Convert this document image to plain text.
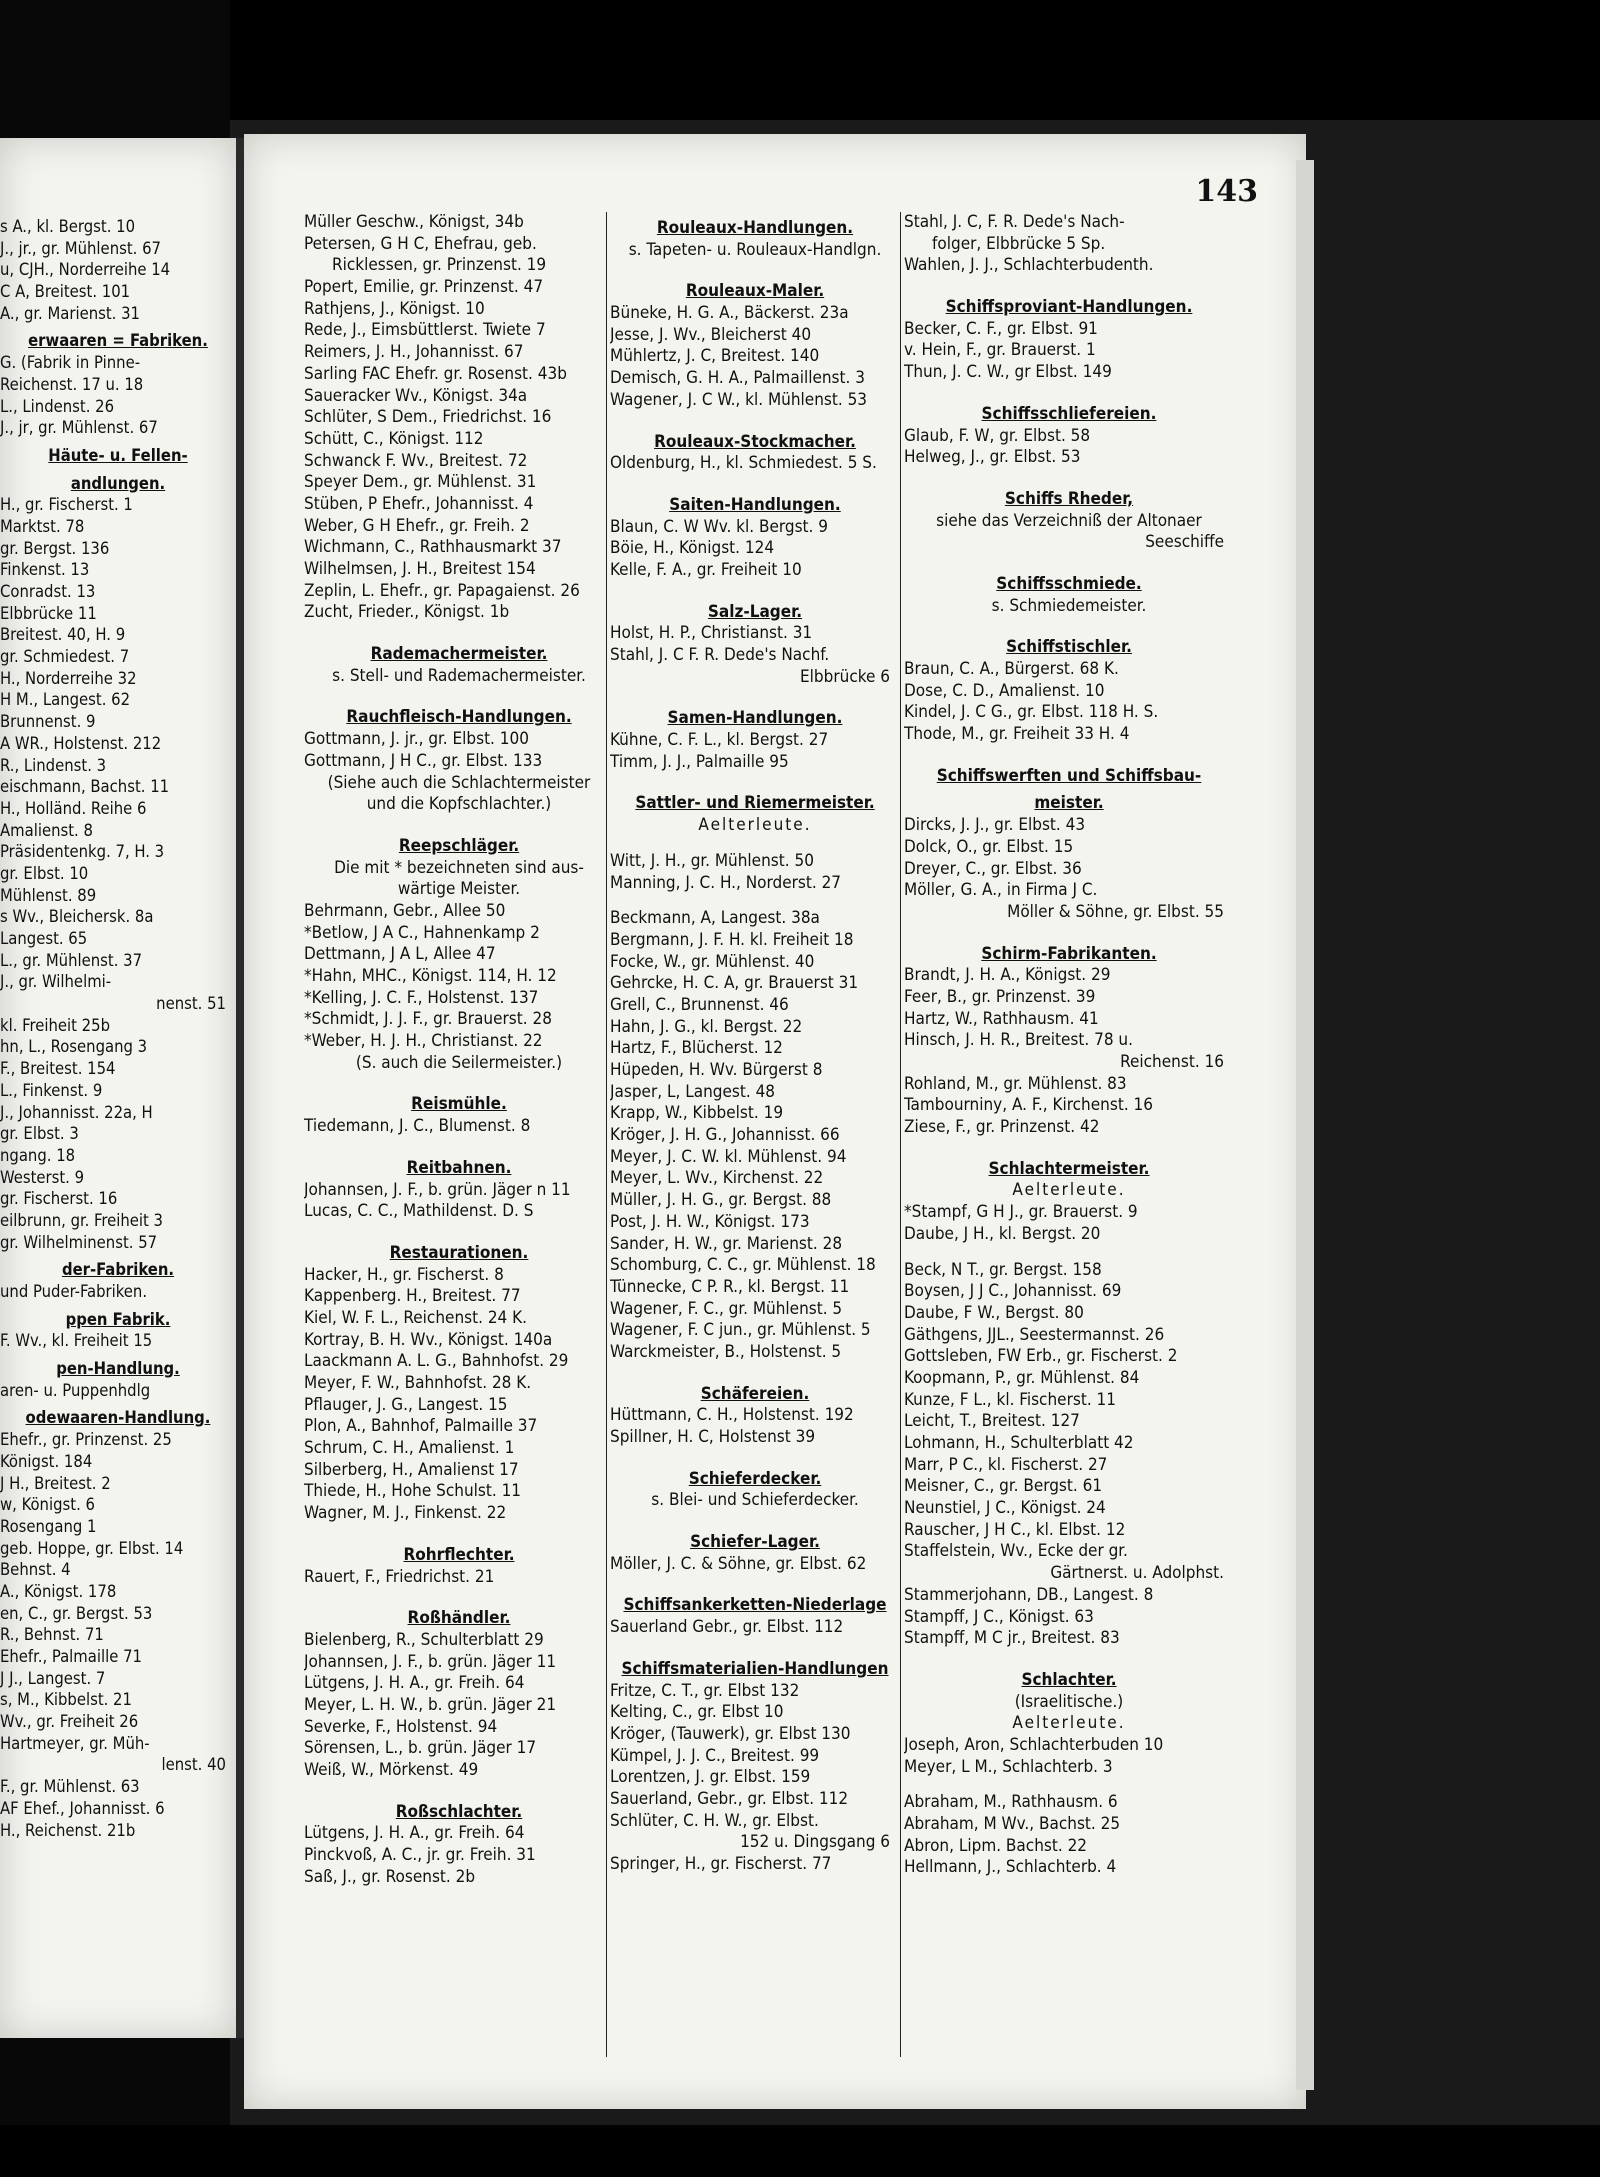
s A., kl. Bergst. 10
J., jr., gr. Mühlenst. 67
u, CJH., Norderreihe 14
C A, Breitest. 101
A., gr. Marienst. 31
erwaaren = Fabriken.
G. (Fabrik in Pinne-
Reichenst. 17 u. 18
L., Lindenst. 26
J., jr, gr. Mühlenst. 67
Häute- u. Fellen-
andlungen.
H., gr. Fischerst. 1
Marktst. 78
gr. Bergst. 136
Finkenst. 13
Conradst. 13
Elbbrücke 11
Breitest. 40, H. 9
gr. Schmiedest. 7
H., Norderreihe 32
H M., Langest. 62
Brunnenst. 9
A WR., Holstenst. 212
R., Lindenst. 3
eischmann, Bachst. 11
H., Holländ. Reihe 6
Amalienst. 8
Präsidentenkg. 7, H. 3
gr. Elbst. 10
Mühlenst. 89
s Wv., Bleichersk. 8a
Langest. 65
L., gr. Mühlenst. 37
J., gr. Wilhelmi-
nenst. 51
kl. Freiheit 25b
hn, L., Rosengang 3
F., Breitest. 154
L., Finkenst. 9
J., Johannisst. 22a, H
gr. Elbst. 3
ngang. 18
Westerst. 9
gr. Fischerst. 16
eilbrunn, gr. Freiheit 3
gr. Wilhelminenst. 57
der-Fabriken.
und Puder-Fabriken.
ppen Fabrik.
F. Wv., kl. Freiheit 15
pen-Handlung.
aren- u. Puppenhdlg
odewaaren-Handlung.
Ehefr., gr. Prinzenst. 25
Königst. 184
J H., Breitest. 2
w, Königst. 6
Rosengang 1
geb. Hoppe, gr. Elbst. 14
Behnst. 4
A., Königst. 178
en, C., gr. Bergst. 53
R., Behnst. 71
Ehefr., Palmaille 71
J J., Langest. 7
s, M., Kibbelst. 21
Wv., gr. Freiheit 26
Hartmeyer, gr. Müh-
lenst. 40
F., gr. Mühlenst. 63
AF Ehef., Johannisst. 6
H., Reichenst. 21b
143
Müller Geschw., Königst, 34b
Petersen, G H C, Ehefrau, geb.
Ricklessen, gr. Prinzenst. 19
Popert, Emilie, gr. Prinzenst. 47
Rathjens, J., Königst. 10
Rede, J., Eimsbüttlerst. Twiete 7
Reimers, J. H., Johannisst. 67
Sarling FAC Ehefr. gr. Rosenst. 43b
Saueracker Wv., Königst. 34a
Schlüter, S Dem., Friedrichst. 16
Schütt, C., Königst. 112
Schwanck F. Wv., Breitest. 72
Speyer Dem., gr. Mühlenst. 31
Stüben, P Ehefr., Johannisst. 4
Weber, G H Ehefr., gr. Freih. 2
Wichmann, C., Rathhausmarkt 37
Wilhelmsen, J. H., Breitest 154
Zeplin, L. Ehefr., gr. Papagaienst. 26
Zucht, Frieder., Königst. 1b
Rademachermeister.
s. Stell- und Rademachermeister.
Rauchfleisch-Handlungen.
Gottmann, J. jr., gr. Elbst. 100
Gottmann, J H C., gr. Elbst. 133
(Siehe auch die Schlachtermeister
und die Kopfschlachter.)
Reepschläger.
Die mit * bezeichneten sind aus-
wärtige Meister.
Behrmann, Gebr., Allee 50
*Betlow, J A C., Hahnenkamp 2
Dettmann, J A L, Allee 47
*Hahn, MHC., Königst. 114, H. 12
*Kelling, J. C. F., Holstenst. 137
*Schmidt, J. J. F., gr. Brauerst. 28
*Weber, H. J. H., Christianst. 22
(S. auch die Seilermeister.)
Reismühle.
Tiedemann, J. C., Blumenst. 8
Reitbahnen.
Johannsen, J. F., b. grün. Jäger n 11
Lucas, C. C., Mathildenst. D. S
Restaurationen.
Hacker, H., gr. Fischerst. 8
Kappenberg. H., Breitest. 77
Kiel, W. F. L., Reichenst. 24 K.
Kortray, B. H. Wv., Königst. 140a
Laackmann A. L. G., Bahnhofst. 29
Meyer, F. W., Bahnhofst. 28 K.
Pflauger, J. G., Langest. 15
Plon, A., Bahnhof, Palmaille 37
Schrum, C. H., Amalienst. 1
Silberberg, H., Amalienst 17
Thiede, H., Hohe Schulst. 11
Wagner, M. J., Finkenst. 22
Rohrflechter.
Rauert, F., Friedrichst. 21
Roßhändler.
Bielenberg, R., Schulterblatt 29
Johannsen, J. F., b. grün. Jäger 11
Lütgens, J. H. A., gr. Freih. 64
Meyer, L. H. W., b. grün. Jäger 21
Severke, F., Holstenst. 94
Sörensen, L., b. grün. Jäger 17
Weiß, W., Mörkenst. 49
Roßschlachter.
Lütgens, J. H. A., gr. Freih. 64
Pinckvoß, A. C., jr. gr. Freih. 31
Saß, J., gr. Rosenst. 2b
Rouleaux-Handlungen.
s. Tapeten- u. Rouleaux-Handlgn.
Rouleaux-Maler.
Büneke, H. G. A., Bäckerst. 23a
Jesse, J. Wv., Bleicherst 40
Mühlertz, J. C, Breitest. 140
Demisch, G. H. A., Palmaillenst. 3
Wagener, J. C W., kl. Mühlenst. 53
Rouleaux-Stockmacher.
Oldenburg, H., kl. Schmiedest. 5 S.
Saiten-Handlungen.
Blaun, C. W Wv. kl. Bergst. 9
Böie, H., Königst. 124
Kelle, F. A., gr. Freiheit 10
Salz-Lager.
Holst, H. P., Christianst. 31
Stahl, J. C F. R. Dede's Nachf.
Elbbrücke 6
Samen-Handlungen.
Kühne, C. F. L., kl. Bergst. 27
Timm, J. J., Palmaille 95
Sattler- und Riemermeister.
Aelterleute.
Witt, J. H., gr. Mühlenst. 50
Manning, J. C. H., Norderst. 27
Beckmann, A, Langest. 38a
Bergmann, J. F. H. kl. Freiheit 18
Focke, W., gr. Mühlenst. 40
Gehrcke, H. C. A, gr. Brauerst 31
Grell, C., Brunnenst. 46
Hahn, J. G., kl. Bergst. 22
Hartz, F., Blücherst. 12
Hüpeden, H. Wv. Bürgerst 8
Jasper, L, Langest. 48
Krapp, W., Kibbelst. 19
Kröger, J. H. G., Johannisst. 66
Meyer, J. C. W. kl. Mühlenst. 94
Meyer, L. Wv., Kirchenst. 22
Müller, J. H. G., gr. Bergst. 88
Post, J. H. W., Königst. 173
Sander, H. W., gr. Marienst. 28
Schomburg, C. C., gr. Mühlenst. 18
Tünnecke, C P. R., kl. Bergst. 11
Wagener, F. C., gr. Mühlenst. 5
Wagener, F. C jun., gr. Mühlenst. 5
Warckmeister, B., Holstenst. 5
Schäfereien.
Hüttmann, C. H., Holstenst. 192
Spillner, H. C, Holstenst 39
Schieferdecker.
s. Blei- und Schieferdecker.
Schiefer-Lager.
Möller, J. C. & Söhne, gr. Elbst. 62
Schiffsankerketten-Niederlage
Sauerland Gebr., gr. Elbst. 112
Schiffsmaterialien-Handlungen
Fritze, C. T., gr. Elbst 132
Kelting, C., gr. Elbst 10
Kröger, (Tauwerk), gr. Elbst 130
Kümpel, J. J. C., Breitest. 99
Lorentzen, J. gr. Elbst. 159
Sauerland, Gebr., gr. Elbst. 112
Schlüter, C. H. W., gr. Elbst.
152 u. Dingsgang 6
Springer, H., gr. Fischerst. 77
Stahl, J. C, F. R. Dede's Nach-
folger, Elbbrücke 5 Sp.
Wahlen, J. J., Schlachterbudenth.
Schiffsproviant-Handlungen.
Becker, C. F., gr. Elbst. 91
v. Hein, F., gr. Brauerst. 1
Thun, J. C. W., gr Elbst. 149
Schiffsschliefereien.
Glaub, F. W, gr. Elbst. 58
Helweg, J., gr. Elbst. 53
Schiffs Rheder,
siehe das Verzeichniß der Altonaer
Seeschiffe
Schiffsschmiede.
s. Schmiedemeister.
Schiffstischler.
Braun, C. A., Bürgerst. 68 K.
Dose, C. D., Amalienst. 10
Kindel, J. C G., gr. Elbst. 118 H. S.
Thode, M., gr. Freiheit 33 H. 4
Schiffswerften und Schiffsbau-
meister.
Dircks, J. J., gr. Elbst. 43
Dolck, O., gr. Elbst. 15
Dreyer, C., gr. Elbst. 36
Möller, G. A., in Firma J C.
Möller & Söhne, gr. Elbst. 55
Schirm-Fabrikanten.
Brandt, J. H. A., Königst. 29
Feer, B., gr. Prinzenst. 39
Hartz, W., Rathhausm. 41
Hinsch, J. H. R., Breitest. 78 u.
Reichenst. 16
Rohland, M., gr. Mühlenst. 83
Tambourniny, A. F., Kirchenst. 16
Ziese, F., gr. Prinzenst. 42
Schlachtermeister.
Aelterleute.
*Stampf, G H J., gr. Brauerst. 9
Daube, J H., kl. Bergst. 20
Beck, N T., gr. Bergst. 158
Boysen, J J C., Johannisst. 69
Daube, F W., Bergst. 80
Gäthgens, JJL., Seestermannst. 26
Gottsleben, FW Erb., gr. Fischerst. 2
Koopmann, P., gr. Mühlenst. 84
Kunze, F L., kl. Fischerst. 11
Leicht, T., Breitest. 127
Lohmann, H., Schulterblatt 42
Marr, P C., kl. Fischerst. 27
Meisner, C., gr. Bergst. 61
Neunstiel, J C., Königst. 24
Rauscher, J H C., kl. Elbst. 12
Staffelstein, Wv., Ecke der gr.
Gärtnerst. u. Adolphst.
Stammerjohann, DB., Langest. 8
Stampff, J C., Königst. 63
Stampff, M C jr., Breitest. 83
Schlachter.
(Israelitische.)
Aelterleute.
Joseph, Aron, Schlachterbuden 10
Meyer, L M., Schlachterb. 3
Abraham, M., Rathhausm. 6
Abraham, M Wv., Bachst. 25
Abron, Lipm. Bachst. 22
Hellmann, J., Schlachterb. 4
